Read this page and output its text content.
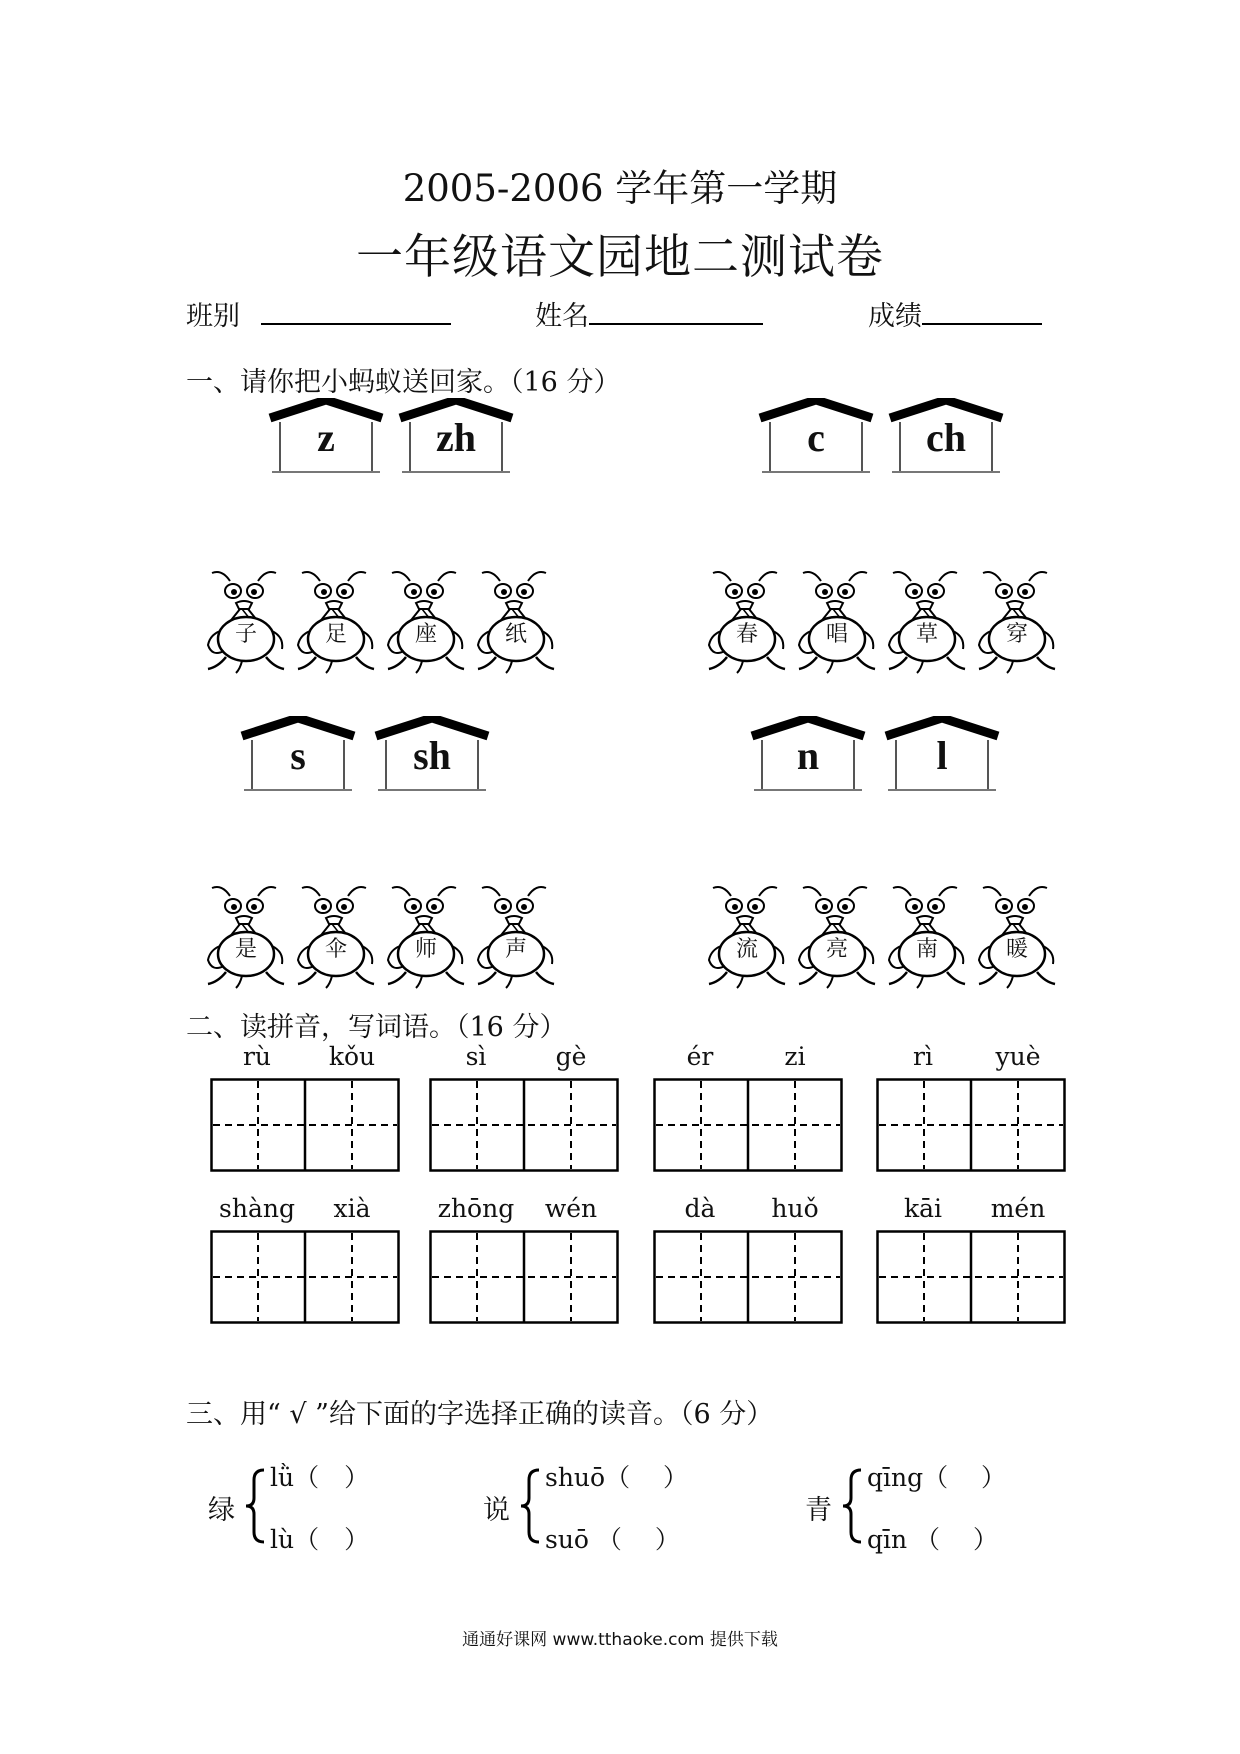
2005-2006 学年第一学期
一年级语文园地二测试卷
班别	姓名	成绩
一、请你把小蚂蚁送回家。（16 分）
z	zh	c	ch
子	足	座	纸	春	唱	草	穿
s	sh	n	l
是	伞	师	声	流	亮	南	暖
二、读拼音，写词语。（16 分）
rù kǒu	sì	gè	ér	zi	rì	yuè
shàng xià	zhōng wén	dà huǒ	kāi mén
三、用“ √ ”给下面的字选择正确的读音。（6 分）
绿
lǜ（　）
lù（　）
说
shuō（　 ）
suō （　 ）
青
qīng（　 ）
qīn （　 ）
通通好课网 www.tthaoke.com 提供下载
